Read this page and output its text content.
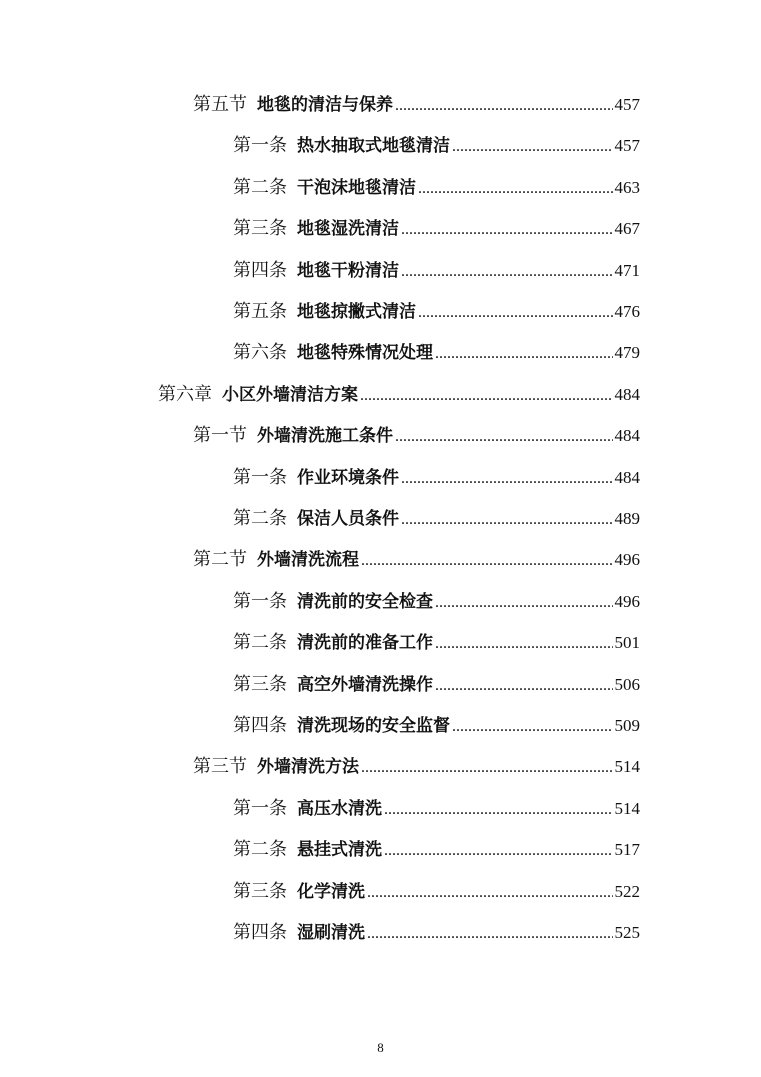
第五节 地毯的清洁与保养 .....	457
第一条 热水抽取式地毯清洁 .....	457
第二条 干泡沫地毯清洁 .....	463
第三条 地毯湿洗清洁 .....	467
第四条 地毯干粉清洁 .....	471
第五条 地毯掠撇式清洁 .....	476
第六条 地毯特殊情况处理 .....	479
第六章 小区外墙清洁方案 .....	484
第一节 外墙清洗施工条件 .....	484
第一条 作业环境条件 .....	484
第二条 保洁人员条件 .....	489
第二节 外墙清洗流程 .....	496
第一条 清洗前的安全检查 .....	496
第二条 清洗前的准备工作 .....	501
第三条 高空外墙清洗操作 .....	506
第四条 清洗现场的安全监督 .....	509
第三节 外墙清洗方法 .....	514
第一条 高压水清洗 .....	514
第二条 悬挂式清洗 .....	517
第三条 化学清洗 .....	522
第四条 湿刷清洗 .....	525
8
